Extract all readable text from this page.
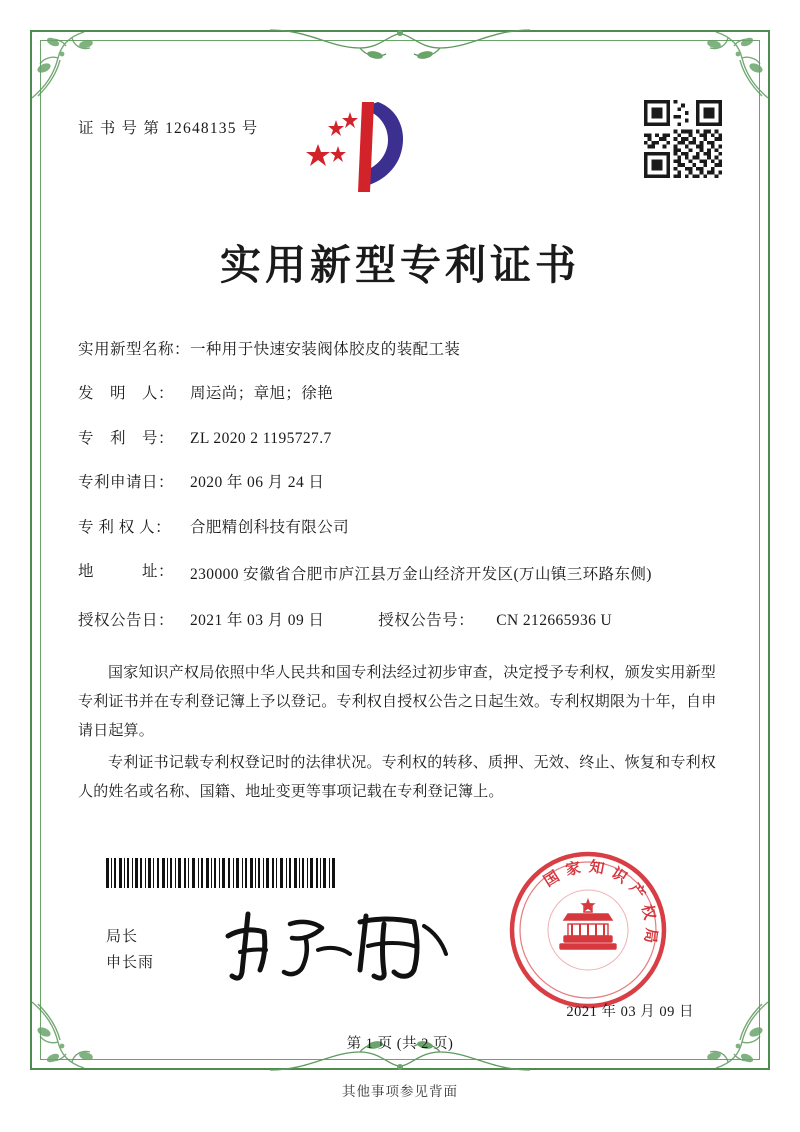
证 书 号 第 12648135 号
实用新型专利证书
实用新型名称： 一种用于快速安装阀体胶皮的装配工装
发　明　人：	周运尚；章旭；徐艳
专　利　号：	ZL 2020 2 1195727.7
专利申请日：	2020 年 06 月 24 日
专 利 权 人：	合肥精创科技有限公司
地　　　址：	230000 安徽省合肥市庐江县万金山经济开发区(万山镇三环路东侧)
授权公告日：	2021 年 03 月 09 日	授权公告号：	CN 212665936 U

国家知识产权局依照中华人民共和国专利法经过初步审查，决定授予专利权，颁发实用新型专利证书并在专利登记簿上予以登记。专利权自授权公告之日起生效。专利权期限为十年，自申请日起算。

专利证书记载专利权登记时的法律状况。专利权的转移、质押、无效、终止、恢复和专利权人的姓名或名称、国籍、地址变更等事项记载在专利登记簿上。

局长
申长雨
国家知识产权局
2021 年 03 月 09 日
第 1 页 (共 2 页)
其他事项参见背面
